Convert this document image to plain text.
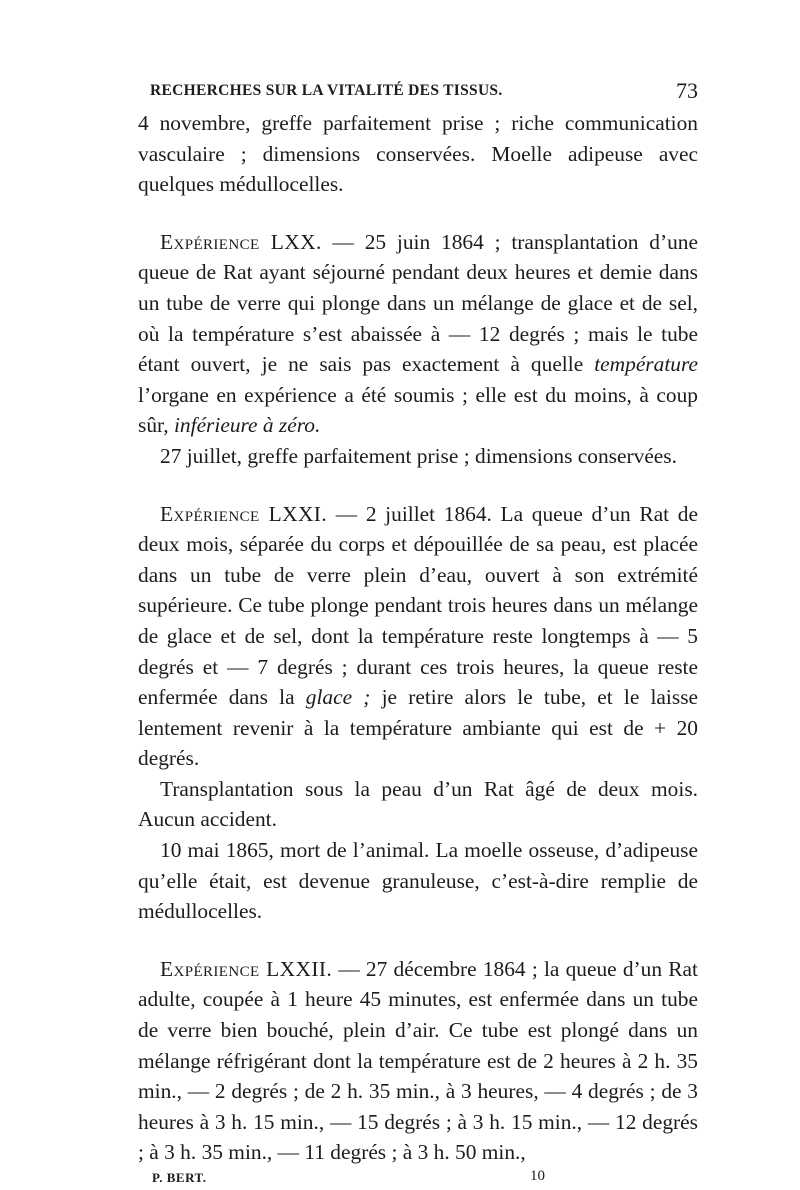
RECHERCHES SUR LA VITALITÉ DES TISSUS.	73

4 novembre, greffe parfaitement prise ; riche communication vasculaire ; dimensions conservées. Moelle adipeuse avec quelques médullocelles.

Expérience LXX. — 25 juin 1864 ; transplantation d’une queue de Rat ayant séjourné pendant deux heures et demie dans un tube de verre qui plonge dans un mélange de glace et de sel, où la température s’est abaissée à — 12 degrés ; mais le tube étant ouvert, je ne sais pas exactement à quelle température l’organe en expérience a été soumis ; elle est du moins, à coup sûr, inférieure à zéro.

27 juillet, greffe parfaitement prise ; dimensions conservées.

Expérience LXXI. — 2 juillet 1864. La queue d’un Rat de deux mois, séparée du corps et dépouillée de sa peau, est placée dans un tube de verre plein d’eau, ouvert à son extrémité supérieure. Ce tube plonge pendant trois heures dans un mélange de glace et de sel, dont la température reste longtemps à — 5 degrés et — 7 degrés ; durant ces trois heures, la queue reste enfermée dans la glace ; je retire alors le tube, et le laisse lentement revenir à la température ambiante qui est de + 20 degrés.

Transplantation sous la peau d’un Rat âgé de deux mois. Aucun accident.

10 mai 1865, mort de l’animal. La moelle osseuse, d’adipeuse qu’elle était, est devenue granuleuse, c’est-à-dire remplie de médullocelles.

Expérience LXXII. — 27 décembre 1864 ; la queue d’un Rat adulte, coupée à 1 heure 45 minutes, est enfermée dans un tube de verre bien bouché, plein d’air. Ce tube est plongé dans un mélange réfrigérant dont la température est de 2 heures à 2 h. 35 min., — 2 degrés ; de 2 h. 35 min., à 3 heures, — 4 degrés ; de 3 heures à 3 h. 15 min., — 15 degrés ; à 3 h. 15 min., — 12 degrés ; à 3 h. 35 min., — 11 degrés ; à 3 h. 50 min.,

P. BERT.	10
